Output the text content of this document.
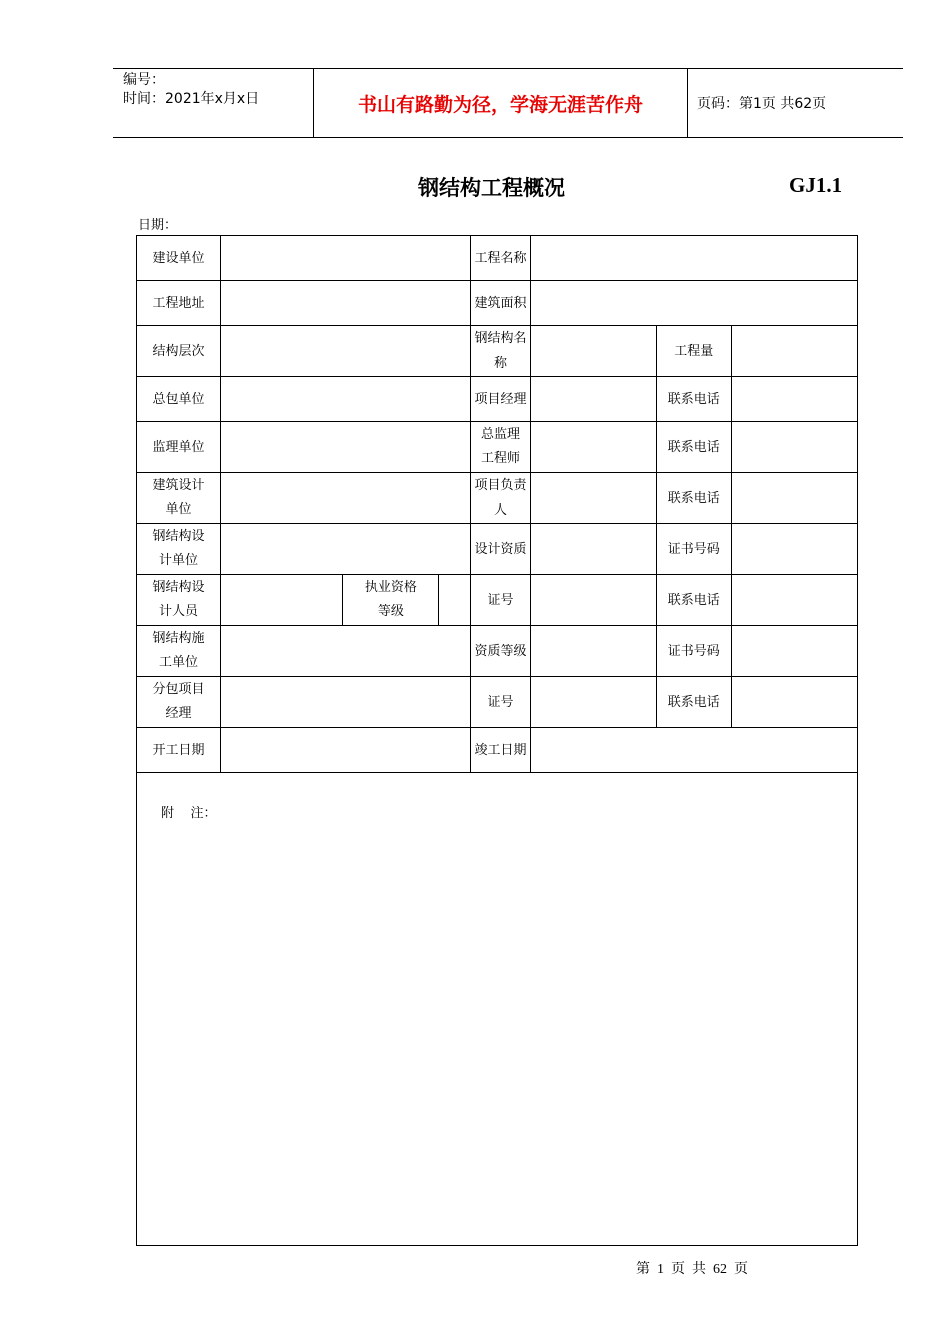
编号：
时间：2021年x月x日	书山有路勤为径，学海无涯苦作舟	页码：第1页 共62页
钢结构工程概况	GJ1.1
日期：
建设单位				工程名称			
工程地址				建筑面积			
结构层次				钢结构名称		工程量	
总包单位				项目经理		联系电话	
监理单位				总监理工程师		联系电话	

建筑设计单位				项目负责人		联系电话	

钢结构设计单位				设计资质		证书号码	

钢结构设计人员		执业资格等级		证号		联系电话	

钢结构施工单位				资质等级		证书号码	

分包项目经理				证号		联系电话	
开工日期				竣工日期			
附    注：							
第  1  页  共  62  页
